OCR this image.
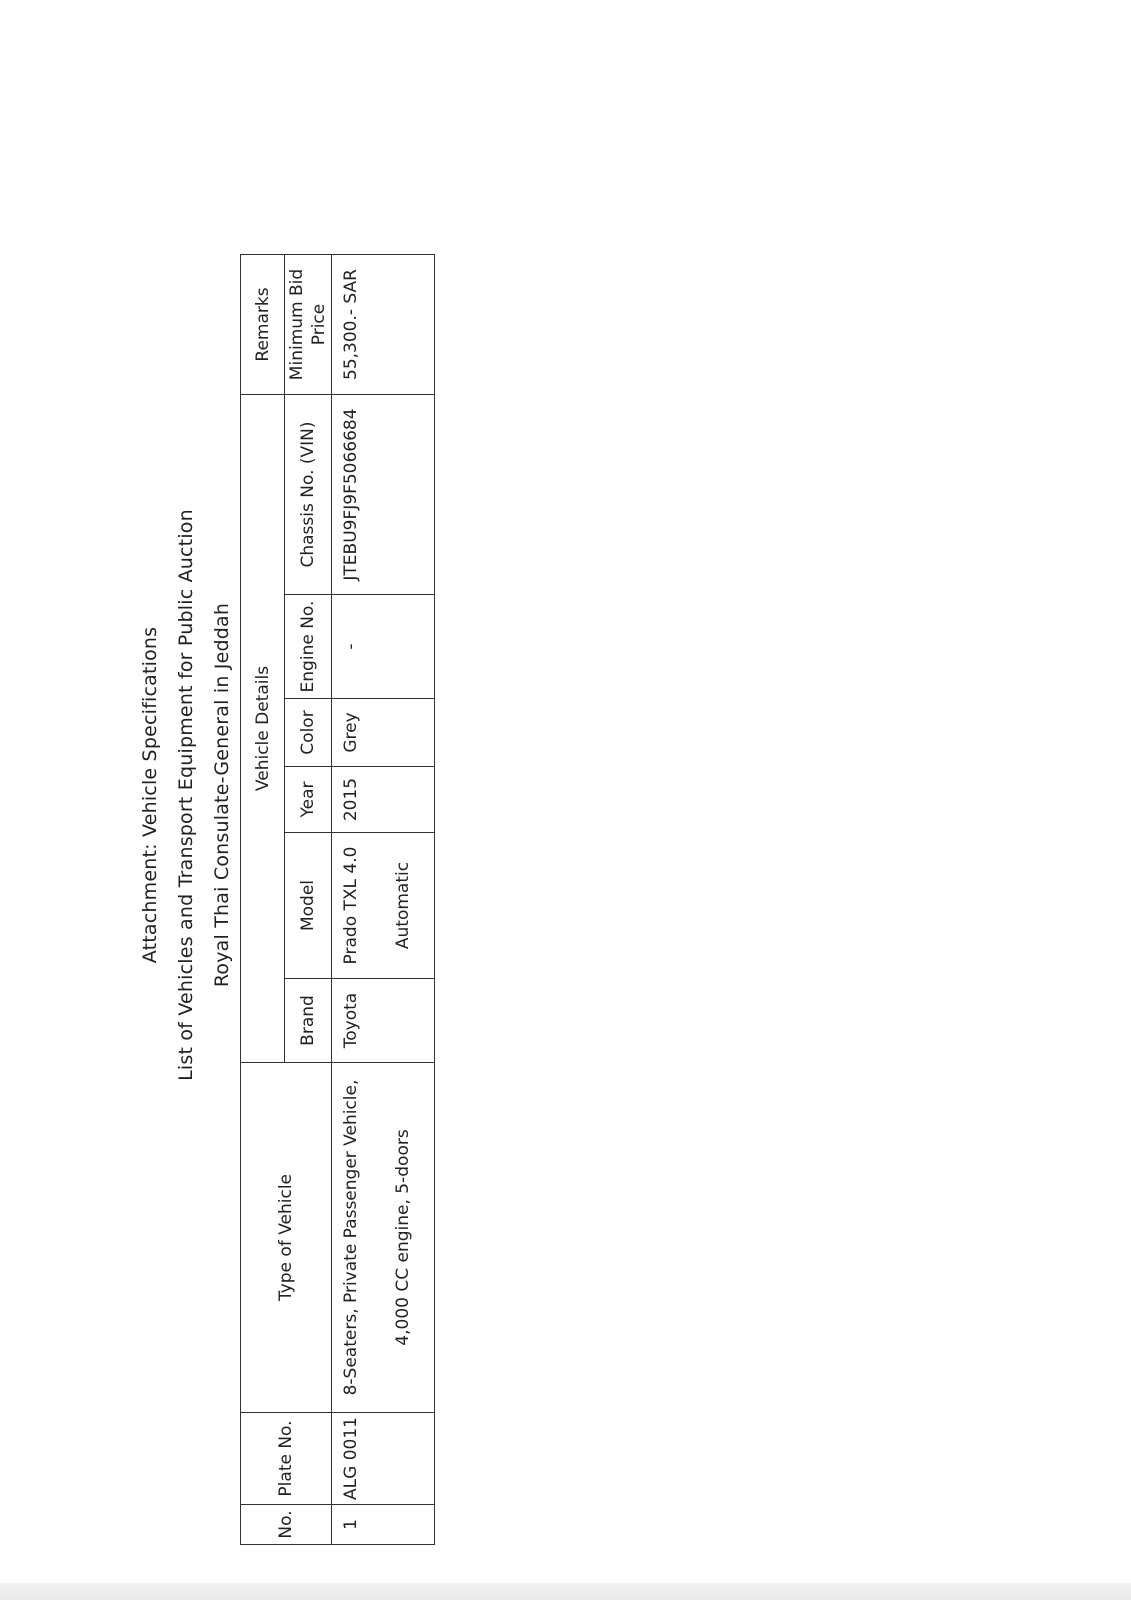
Attachment: Vehicle Specifications List of Vehicles and Transport Equipment for Public Auction Royal Thai Consulate-General in Jeddah
No.	Plate No.	Type of Vehicle	Vehicle Details						Remarks
			Brand	Model	Year	Color	Engine No.	Chassis No. (VIN)	Minimum Bid Price
1	ALG 0011	8-Seaters, Private Passenger Vehicle, 4,000 CC engine, 5-doors	Toyota	Prado TXL 4.0 Automatic	2015	Grey	-	JTEBU9FJ9F5066684	55,300.- SAR
